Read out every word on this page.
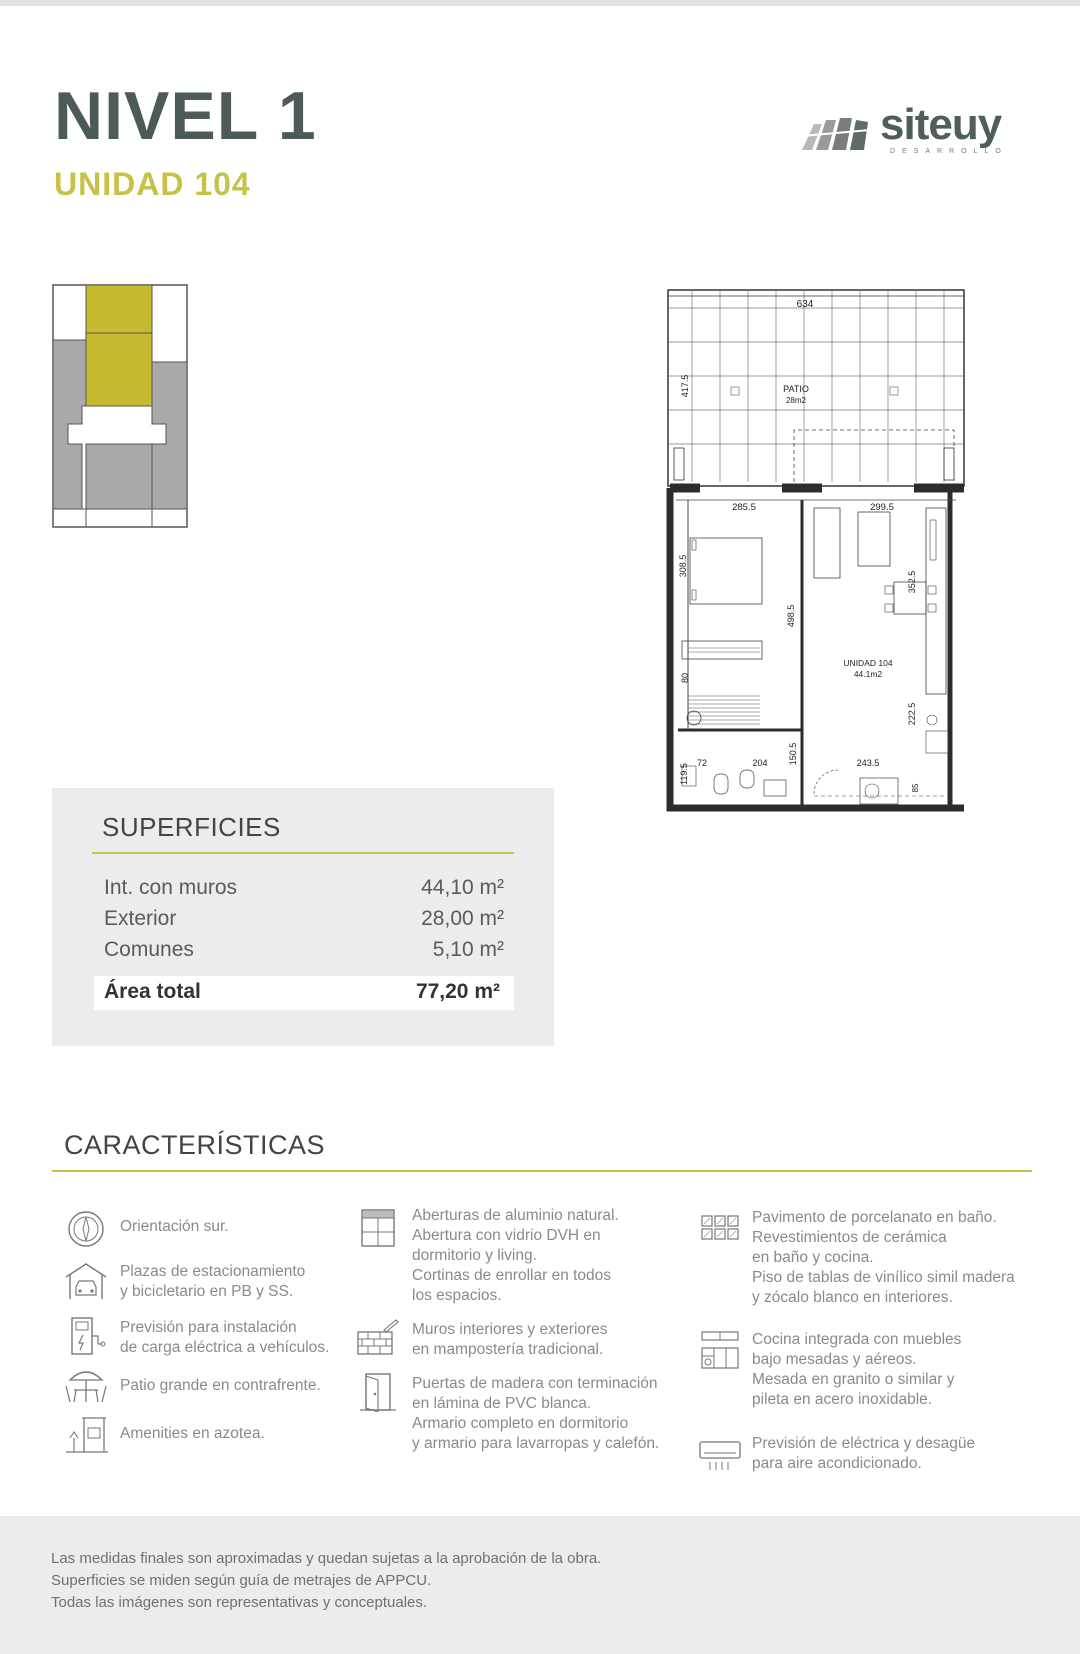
NIVEL 1
UNIDAD 104
siteuy
DESARROLLO
634
417.5	PATIO
28m2
285.5	299.5
308.5
498.5
352.5
80
222.5
150.5
119.5
72	204	243.5
85
UNIDAD 104
44.1m2
SUPERFICIES
Int. con muros	44,10 m²
Exterior	28,00 m²
Comunes	5,10 m²
Área total	77,20 m²
CARACTERÍSTICAS
Orientación sur.
Plazas de estacionamiento
y bicicletario en PB y SS.
Previsión para instalación
de carga eléctrica a vehículos.
Patio grande en contrafrente.
Amenities en azotea.
Aberturas de aluminio natural.
Abertura con vidrio DVH en
dormitorio y living.
Cortinas de enrollar en todos
los espacios.
Muros interiores y exteriores
en mampostería tradicional.
Puertas de madera con terminación
en lámina de PVC blanca.
Armario completo en dormitorio
y armario para lavarropas y calefón.
Pavimento de porcelanato en baño.
Revestimientos de cerámica
en baño y cocina.
Piso de tablas de vinílico simil madera
y zócalo blanco en interiores.
Cocina integrada con muebles
bajo mesadas y aéreos.
Mesada en granito o similar y
pileta en acero inoxidable.
Previsión de eléctrica y desagüe
para aire acondicionado.
Las medidas finales son aproximadas y quedan sujetas a la aprobación de la obra.
Superficies se miden según guía de metrajes de APPCU.
Todas las imágenes son representativas y conceptuales.
